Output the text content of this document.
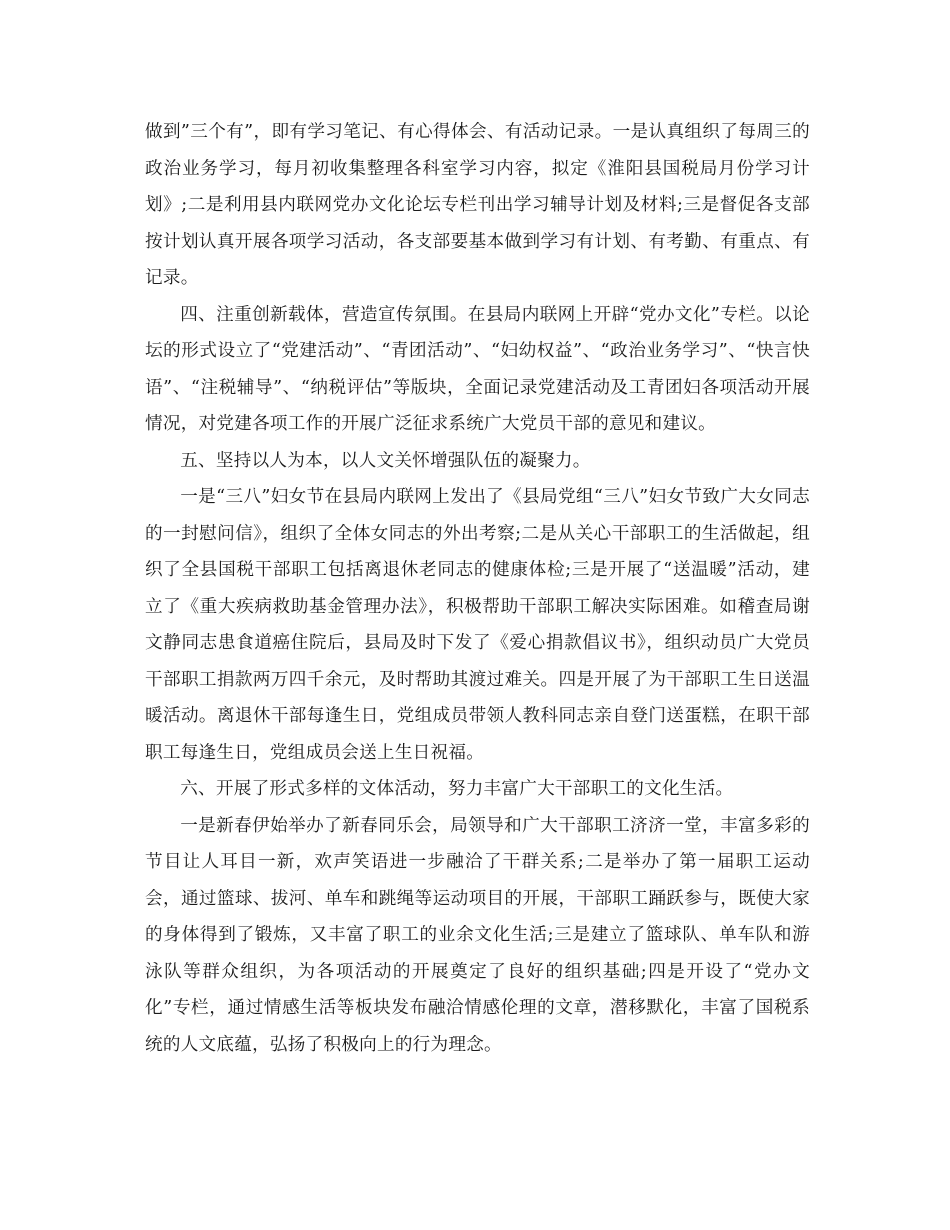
做到”三个有”，即有学习笔记、有心得体会、有活动记录。一是认真组织了每周三的政治业务学习，每月初收集整理各科室学习内容，拟定《淮阳县国税局月份学习计划》;二是利用县内联网党办文化论坛专栏刊出学习辅导计划及材料;三是督促各支部按计划认真开展各项学习活动，各支部要基本做到学习有计划、有考勤、有重点、有记录。

四、注重创新载体，营造宣传氛围。在县局内联网上开辟“党办文化”专栏。以论坛的形式设立了“党建活动”、“青团活动”、“妇幼权益”、“政治业务学习”、“快言快语”、“注税辅导”、“纳税评估”等版块，全面记录党建活动及工青团妇各项活动开展情况，对党建各项工作的开展广泛征求系统广大党员干部的意见和建议。

五、坚持以人为本，以人文关怀增强队伍的凝聚力。

一是“三八”妇女节在县局内联网上发出了《县局党组“三八”妇女节致广大女同志的一封慰问信》，组织了全体女同志的外出考察;二是从关心干部职工的生活做起，组织了全县国税干部职工包括离退休老同志的健康体检;三是开展了“送温暖”活动，建立了《重大疾病救助基金管理办法》，积极帮助干部职工解决实际困难。如稽查局谢文静同志患食道癌住院后，县局及时下发了《爱心捐款倡议书》，组织动员广大党员干部职工捐款两万四千余元，及时帮助其渡过难关。四是开展了为干部职工生日送温暖活动。离退休干部每逢生日，党组成员带领人教科同志亲自登门送蛋糕，在职干部职工每逢生日，党组成员会送上生日祝福。

六、开展了形式多样的文体活动，努力丰富广大干部职工的文化生活。

一是新春伊始举办了新春同乐会，局领导和广大干部职工济济一堂，丰富多彩的节目让人耳目一新，欢声笑语进一步融洽了干群关系;二是举办了第一届职工运动会，通过篮球、拔河、单车和跳绳等运动项目的开展，干部职工踊跃参与，既使大家的身体得到了锻炼，又丰富了职工的业余文化生活;三是建立了篮球队、单车队和游泳队等群众组织，为各项活动的开展奠定了良好的组织基础;四是开设了“党办文化”专栏，通过情感生活等板块发布融洽情感伦理的文章，潜移默化，丰富了国税系统的人文底蕴，弘扬了积极向上的行为理念。
